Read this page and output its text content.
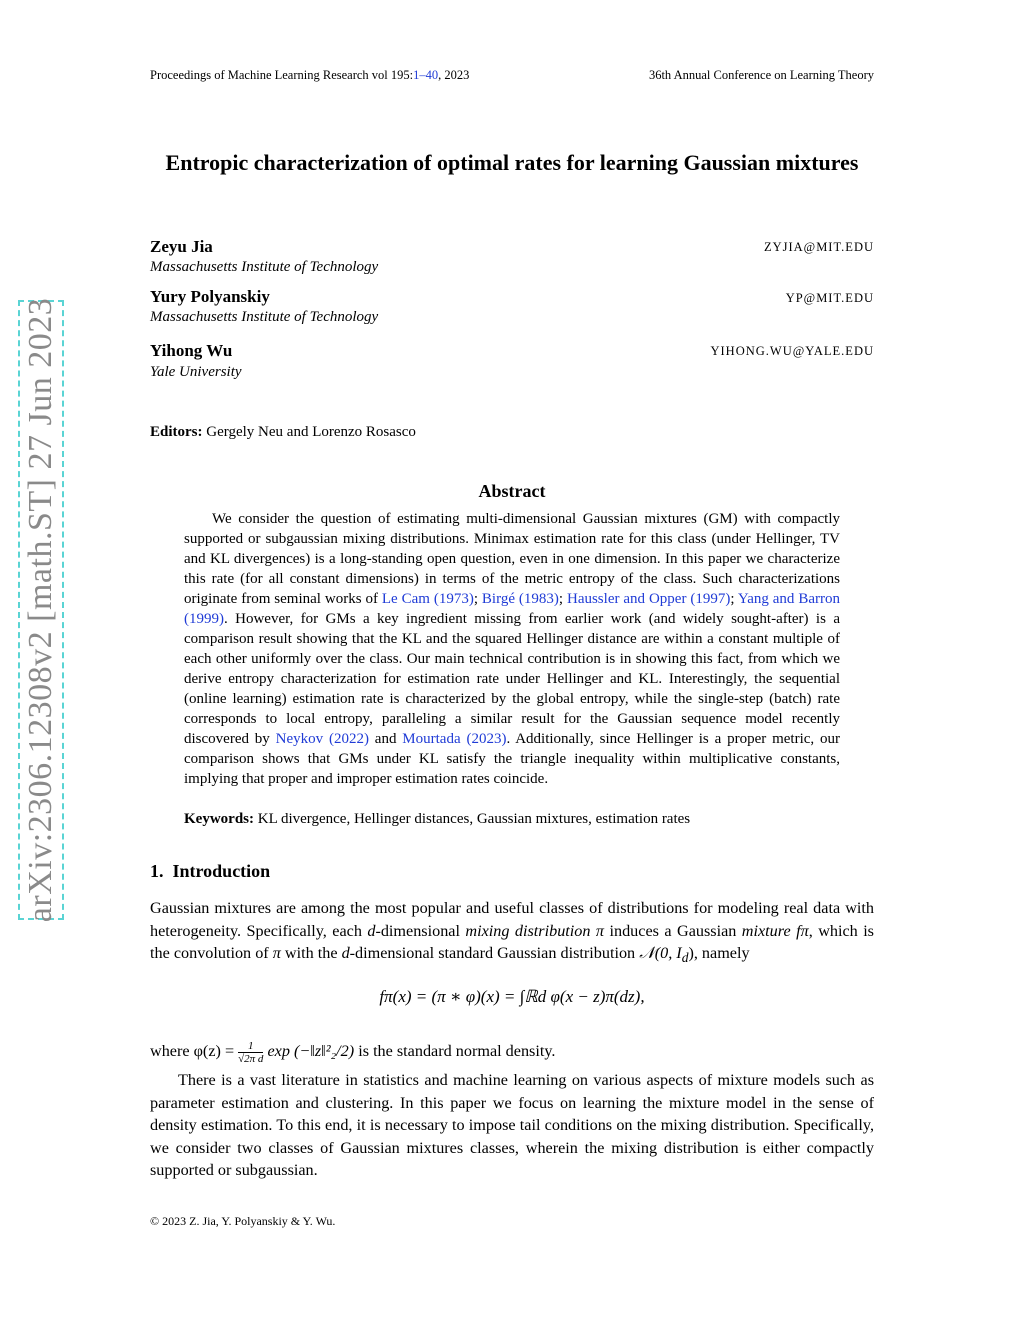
arXiv:2306.12308v2 [math.ST] 27 Jun 2023
Proceedings of Machine Learning Research vol 195:1–40, 2023	36th Annual Conference on Learning Theory
Entropic characterization of optimal rates for learning Gaussian mixtures
Zeyu Jia	ZYJIA@MIT.EDU
Massachusetts Institute of Technology
Yury Polyanskiy	YP@MIT.EDU
Massachusetts Institute of Technology
Yihong Wu	YIHONG.WU@YALE.EDU
Yale University
Editors: Gergely Neu and Lorenzo Rosasco
Abstract

We consider the question of estimating multi-dimensional Gaussian mixtures (GM) with compactly supported or subgaussian mixing distributions. Minimax estimation rate for this class (under Hellinger, TV and KL divergences) is a long-standing open question, even in one dimension. In this paper we characterize this rate (for all constant dimensions) in terms of the metric entropy of the class. Such characterizations originate from seminal works of Le Cam (1973); Birgé (1983); Haussler and Opper (1997); Yang and Barron (1999). However, for GMs a key ingredient missing from earlier work (and widely sought-after) is a comparison result showing that the KL and the squared Hellinger distance are within a constant multiple of each other uniformly over the class. Our main technical contribution is in showing this fact, from which we derive entropy characterization for estimation rate under Hellinger and KL. Interestingly, the sequential (online learning) estimation rate is characterized by the global entropy, while the single-step (batch) rate corresponds to local entropy, paralleling a similar result for the Gaussian sequence model recently discovered by Neykov (2022) and Mourtada (2023). Additionally, since Hellinger is a proper metric, our comparison shows that GMs under KL satisfy the triangle inequality within multiplicative constants, implying that proper and improper estimation rates coincide.

Keywords: KL divergence, Hellinger distances, Gaussian mixtures, estimation rates
1. Introduction

Gaussian mixtures are among the most popular and useful classes of distributions for modeling real data with heterogeneity. Specifically, each d-dimensional mixing distribution π induces a Gaussian mixture fπ, which is the convolution of π with the d-dimensional standard Gaussian distribution 𝒩(0, $I_d$), namely

fπ(x) = (π ∗ φ)(x) = ∫ℝd φ(x − z)π(dz),
where $\varphi(z) = \frac{1}{\text{√2π d}}$ exp (−‖z‖²₂/2) is the standard normal density.

There is a vast literature in statistics and machine learning on various aspects of mixture models such as parameter estimation and clustering. In this paper we focus on learning the mixture model in the sense of density estimation. To this end, it is necessary to impose tail conditions on the mixing distribution. Specifically, we consider two classes of Gaussian mixtures classes, wherein the mixing distribution is either compactly supported or subgaussian.

© 2023 Z. Jia, Y. Polyanskiy & Y. Wu.
